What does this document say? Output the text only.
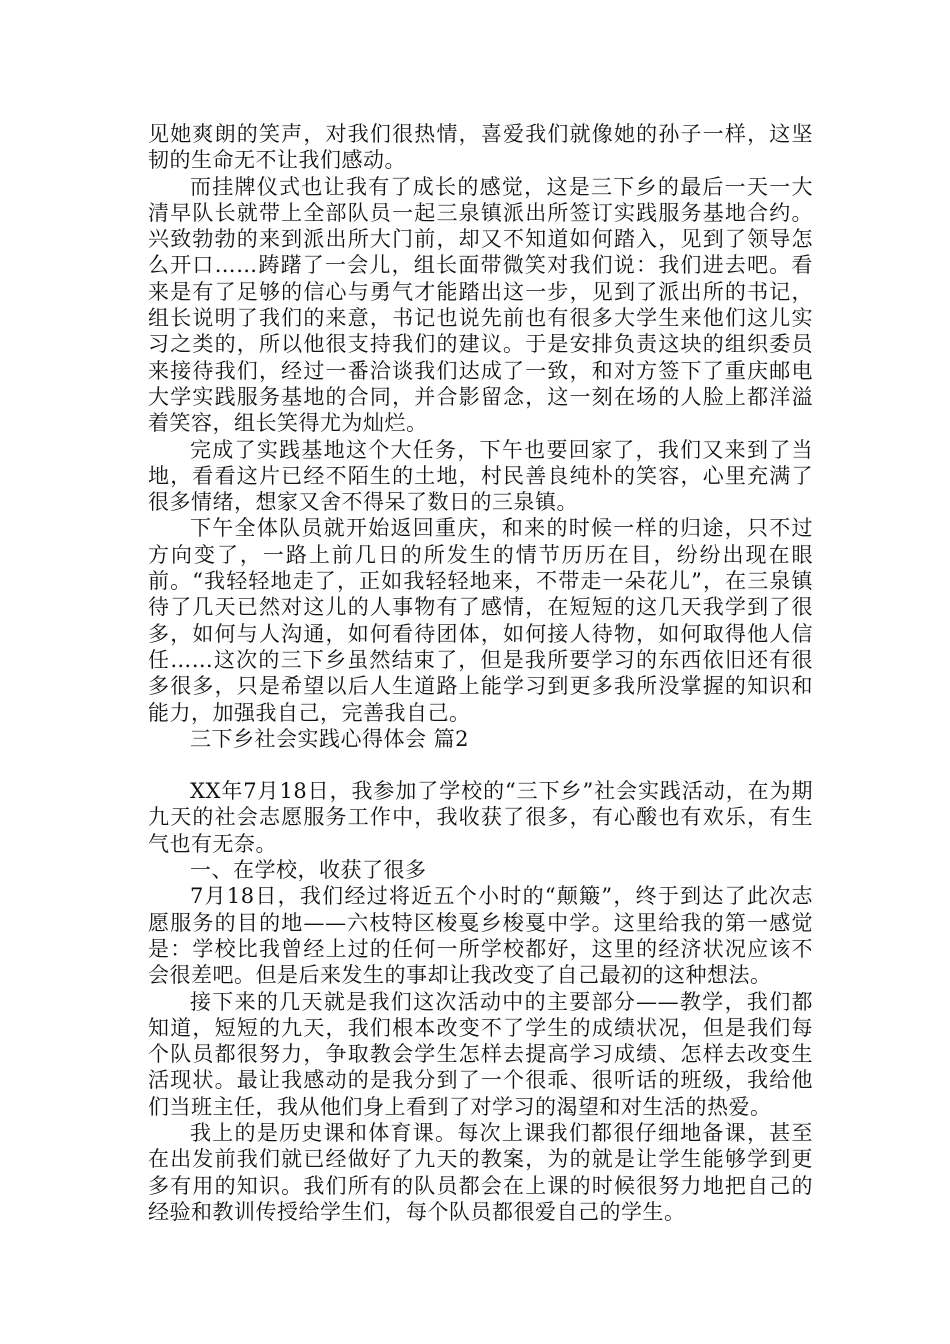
见她爽朗的笑声，对我们很热情，喜爱我们就像她的孙子一样，这坚韧的生命无不让我们感动。

而挂牌仪式也让我有了成长的感觉，这是三下乡的最后一天一大清早队长就带上全部队员一起三泉镇派出所签订实践服务基地合约。兴致勃勃的来到派出所大门前，却又不知道如何踏入，见到了领导怎么开口……踌躇了一会儿，组长面带微笑对我们说：我们进去吧。看来是有了足够的信心与勇气才能踏出这一步，见到了派出所的书记，组长说明了我们的来意，书记也说先前也有很多大学生来他们这儿实习之类的，所以他很支持我们的建议。于是安排负责这块的组织委员来接待我们，经过一番洽谈我们达成了一致，和对方签下了重庆邮电大学实践服务基地的合同，并合影留念，这一刻在场的人脸上都洋溢着笑容，组长笑得尤为灿烂。

完成了实践基地这个大任务，下午也要回家了，我们又来到了当地，看看这片已经不陌生的土地，村民善良纯朴的笑容，心里充满了很多情绪，想家又舍不得呆了数日的三泉镇。

下午全体队员就开始返回重庆，和来的时候一样的归途，只不过方向变了，一路上前几日的所发生的情节历历在目，纷纷出现在眼前。“我轻轻地走了，正如我轻轻地来，不带走一朵花儿”，在三泉镇待了几天已然对这儿的人事物有了感情，在短短的这几天我学到了很多，如何与人沟通，如何看待团体，如何接人待物，如何取得他人信任……这次的三下乡虽然结束了，但是我所要学习的东西依旧还有很多很多，只是希望以后人生道路上能学习到更多我所没掌握的知识和能力，加强我自己，完善我自己。

三下乡社会实践心得体会 篇2

XX年7月18日，我参加了学校的“三下乡”社会实践活动，在为期九天的社会志愿服务工作中，我收获了很多，有心酸也有欢乐，有生气也有无奈。

一、在学校，收获了很多

7月18日，我们经过将近五个小时的“颠簸”，终于到达了此次志愿服务的目的地——六枝特区梭戛乡梭戛中学。这里给我的第一感觉是：学校比我曾经上过的任何一所学校都好，这里的经济状况应该不会很差吧。但是后来发生的事却让我改变了自己最初的这种想法。

接下来的几天就是我们这次活动中的主要部分——教学，我们都知道，短短的九天，我们根本改变不了学生的成绩状况，但是我们每个队员都很努力，争取教会学生怎样去提高学习成绩、怎样去改变生活现状。最让我感动的是我分到了一个很乖、很听话的班级，我给他们当班主任，我从他们身上看到了对学习的渴望和对生活的热爱。

我上的是历史课和体育课。每次上课我们都很仔细地备课，甚至在出发前我们就已经做好了九天的教案，为的就是让学生能够学到更多有用的知识。我们所有的队员都会在上课的时候很努力地把自己的经验和教训传授给学生们，每个队员都很爱自己的学生。
